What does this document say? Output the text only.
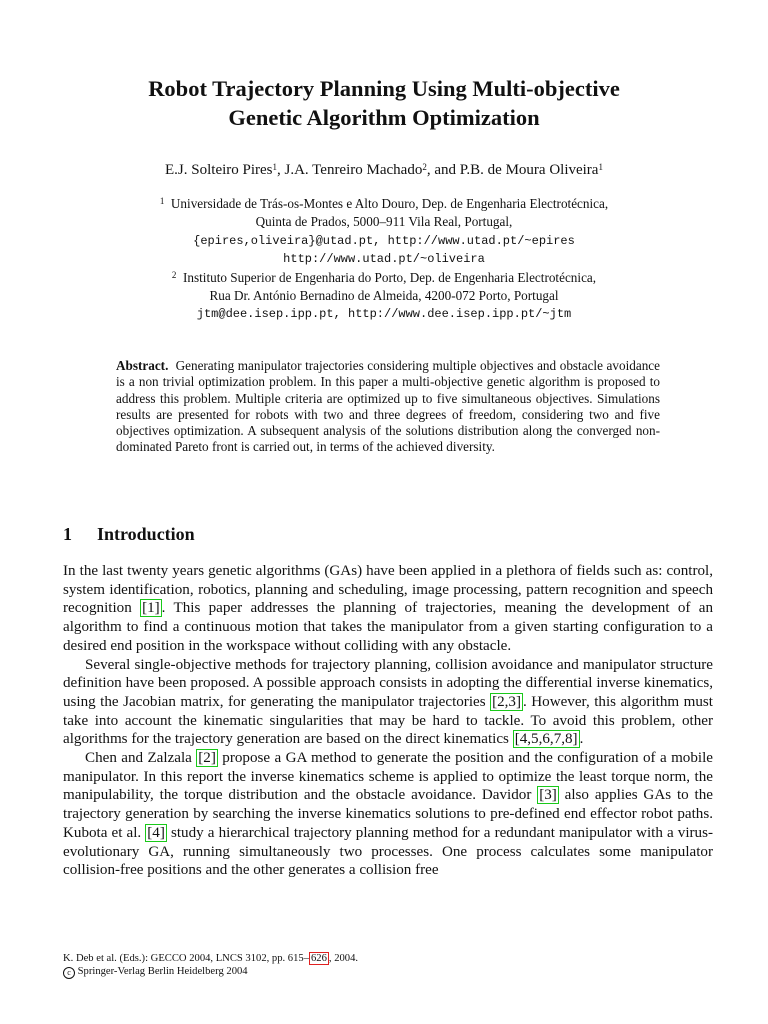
Robot Trajectory Planning Using Multi-objective
Genetic Algorithm Optimization
E.J. Solteiro Pires$^1$, J.A. Tenreiro Machado$^2$, and P.B. de Moura Oliveira$^1$
$^1$ Universidade de Trás-os-Montes e Alto Douro, Dep. de Engenharia Electrotécnica,
Quinta de Prados, 5000–911 Vila Real, Portugal,
{epires,oliveira}@utad.pt, http://www.utad.pt/~epires
http://www.utad.pt/~oliveira
$^2$ Instituto Superior de Engenharia do Porto, Dep. de Engenharia Electrotécnica,
Rua Dr. António Bernadino de Almeida, 4200-072 Porto, Portugal
jtm@dee.isep.ipp.pt, http://www.dee.isep.ipp.pt/~jtm
Abstract. Generating manipulator trajectories considering multiple objectives and obstacle avoidance is a non trivial optimization problem. In this paper a multi-objective genetic algorithm is proposed to address this problem. Multiple criteria are optimized up to five simultaneous objectives. Simulations results are presented for robots with two and three degrees of freedom, considering two and five objectives optimization. A subsequent analysis of the solutions distribution along the converged non-dominated Pareto front is carried out, in terms of the achieved diversity.
1 Introduction

In the last twenty years genetic algorithms (GAs) have been applied in a plethora of fields such as: control, system identification, robotics, planning and scheduling, image processing, pattern recognition and speech recognition [1] . This paper addresses the planning of trajectories, meaning the development of an algorithm to find a continuous motion that takes the manipulator from a given starting configuration to a desired end position in the workspace without colliding with any obstacle.

Several single-objective methods for trajectory planning, collision avoidance and manipulator structure definition have been proposed. A possible approach consists in adopting the differential inverse kinematics, using the Jacobian matrix, for generating the manipulator trajectories [2,3] . However, this algorithm must take into account the kinematic singularities that may be hard to tackle. To avoid this problem, other algorithms for the trajectory generation are based on the direct kinematics [4,5,6,7,8] .

Chen and Zalzala [2] propose a GA method to generate the position and the configuration of a mobile manipulator. In this report the inverse kinematics scheme is applied to optimize the least torque norm, the manipulability, the torque distribution and the obstacle avoidance. Davidor [3] also applies GAs to the trajectory generation by searching the inverse kinematics solutions to pre-defined end effector robot paths. Kubota et al. [4] study a hierarchical trajectory planning method for a redundant manipulator with a virus-evolutionary GA, running simultaneously two processes. One process calculates some manipulator collision-free positions and the other generates a collision free

K. Deb et al. (Eds.): GECCO 2004, LNCS 3102, pp. 615– 626 , 2004.
c Springer-Verlag Berlin Heidelberg 2004
